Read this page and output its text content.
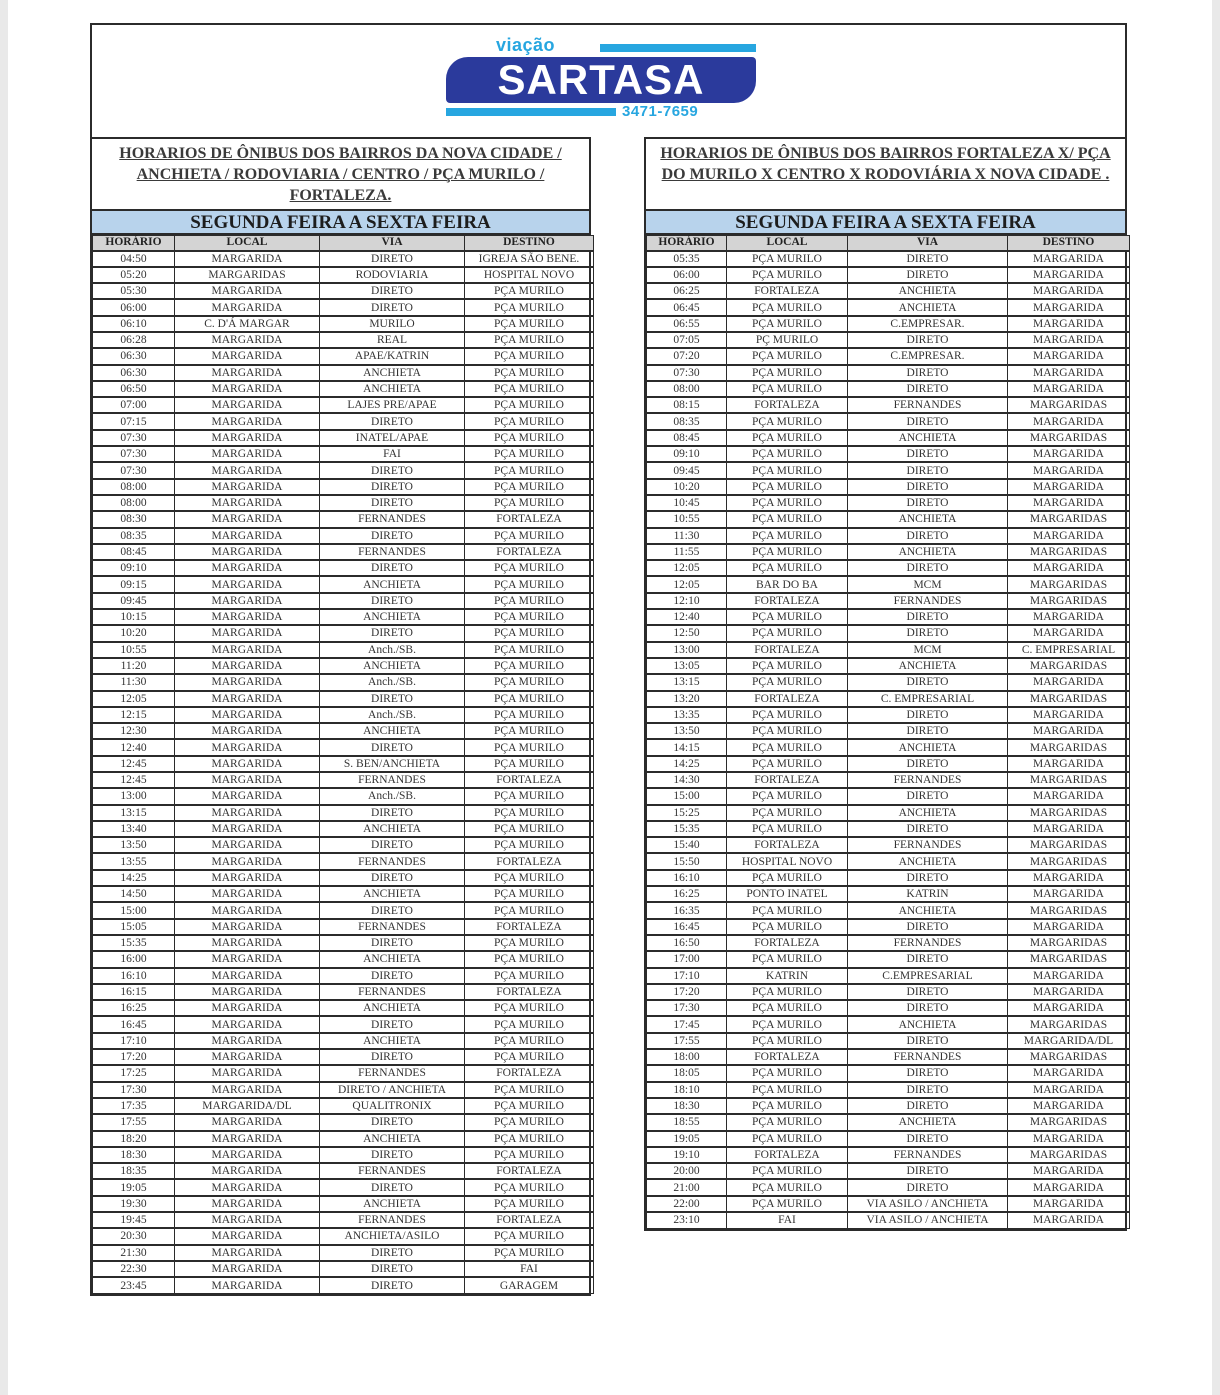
viação
SARTASA
3471-7659
HORARIOS DE ÔNIBUS DOS BAIRROS DA NOVA CIDADE / ANCHIETA / RODOVIARIA / CENTRO / PÇA MURILO / FORTALEZA.
SEGUNDA FEIRA A SEXTA FEIRA
HORÁRIO	LOCAL	VIA	DESTINO
04:50	MARGARIDA	DIRETO	IGREJA SÃO BENE.
05:20	MARGARIDAS	RODOVIARIA	HOSPITAL NOVO
05:30	MARGARIDA	DIRETO	PÇA MURILO
06:00	MARGARIDA	DIRETO	PÇA MURILO
06:10	C. D'Á MARGAR	MURILO	PÇA MURILO
06:28	MARGARIDA	REAL	PÇA MURILO
06:30	MARGARIDA	APAE/KATRIN	PÇA MURILO
06:30	MARGARIDA	ANCHIETA	PÇA MURILO
06:50	MARGARIDA	ANCHIETA	PÇA MURILO
07:00	MARGARIDA	LAJES PRE/APAE	PÇA MURILO
07:15	MARGARIDA	DIRETO	PÇA MURILO
07:30	MARGARIDA	INATEL/APAE	PÇA MURILO
07:30	MARGARIDA	FAI	PÇA MURILO
07:30	MARGARIDA	DIRETO	PÇA MURILO
08:00	MARGARIDA	DIRETO	PÇA MURILO
08:00	MARGARIDA	DIRETO	PÇA MURILO
08:30	MARGARIDA	FERNANDES	FORTALEZA
08:35	MARGARIDA	DIRETO	PÇA MURILO
08:45	MARGARIDA	FERNANDES	FORTALEZA
09:10	MARGARIDA	DIRETO	PÇA MURILO
09:15	MARGARIDA	ANCHIETA	PÇA MURILO
09:45	MARGARIDA	DIRETO	PÇA MURILO
10:15	MARGARIDA	ANCHIETA	PÇA MURILO
10:20	MARGARIDA	DIRETO	PÇA MURILO
10:55	MARGARIDA	Anch./SB.	PÇA MURILO
11:20	MARGARIDA	ANCHIETA	PÇA MURILO
11:30	MARGARIDA	Anch./SB.	PÇA MURILO
12:05	MARGARIDA	DIRETO	PÇA MURILO
12:15	MARGARIDA	Anch./SB.	PÇA MURILO
12:30	MARGARIDA	ANCHIETA	PÇA MURILO
12:40	MARGARIDA	DIRETO	PÇA MURILO
12:45	MARGARIDA	S. BEN/ANCHIETA	PÇA MURILO
12:45	MARGARIDA	FERNANDES	FORTALEZA
13:00	MARGARIDA	Anch./SB.	PÇA MURILO
13:15	MARGARIDA	DIRETO	PÇA MURILO
13:40	MARGARIDA	ANCHIETA	PÇA MURILO
13:50	MARGARIDA	DIRETO	PÇA MURILO
13:55	MARGARIDA	FERNANDES	FORTALEZA
14:25	MARGARIDA	DIRETO	PÇA MURILO
14:50	MARGARIDA	ANCHIETA	PÇA MURILO
15:00	MARGARIDA	DIRETO	PÇA MURILO
15:05	MARGARIDA	FERNANDES	FORTALEZA
15:35	MARGARIDA	DIRETO	PÇA MURILO
16:00	MARGARIDA	ANCHIETA	PÇA MURILO
16:10	MARGARIDA	DIRETO	PÇA MURILO
16:15	MARGARIDA	FERNANDES	FORTALEZA
16:25	MARGARIDA	ANCHIETA	PÇA MURILO
16:45	MARGARIDA	DIRETO	PÇA MURILO
17:10	MARGARIDA	ANCHIETA	PÇA MURILO
17:20	MARGARIDA	DIRETO	PÇA MURILO
17:25	MARGARIDA	FERNANDES	FORTALEZA
17:30	MARGARIDA	DIRETO / ANCHIETA	PÇA MURILO
17:35	MARGARIDA/DL	QUALITRONIX	PÇA MURILO
17:55	MARGARIDA	DIRETO	PÇA MURILO
18:20	MARGARIDA	ANCHIETA	PÇA MURILO
18:30	MARGARIDA	DIRETO	PÇA MURILO
18:35	MARGARIDA	FERNANDES	FORTALEZA
19:05	MARGARIDA	DIRETO	PÇA MURILO
19:30	MARGARIDA	ANCHIETA	PÇA MURILO
19:45	MARGARIDA	FERNANDES	FORTALEZA
20:30	MARGARIDA	ANCHIETA/ASILO	PÇA MURILO
21:30	MARGARIDA	DIRETO	PÇA MURILO
22:30	MARGARIDA	DIRETO	FAI
23:45	MARGARIDA	DIRETO	GARAGEM
HORARIOS DE ÔNIBUS DOS BAIRROS FORTALEZA X/ PÇA DO MURILO X CENTRO X RODOVIÁRIA X NOVA CIDADE .
SEGUNDA FEIRA A SEXTA FEIRA
HORÁRIO	LOCAL	VIA	DESTINO
05:35	PÇA MURILO	DIRETO	MARGARIDA
06:00	PÇA MURILO	DIRETO	MARGARIDA
06:25	FORTALEZA	ANCHIETA	MARGARIDA
06:45	PÇA MURILO	ANCHIETA	MARGARIDA
06:55	PÇA MURILO	C.EMPRESAR.	MARGARIDA
07:05	PÇ MURILO	DIRETO	MARGARIDA
07:20	PÇA MURILO	C.EMPRESAR.	MARGARIDA
07:30	PÇA MURILO	DIRETO	MARGARIDA
08:00	PÇA MURILO	DIRETO	MARGARIDA
08:15	FORTALEZA	FERNANDES	MARGARIDAS
08:35	PÇA MURILO	DIRETO	MARGARIDA
08:45	PÇA MURILO	ANCHIETA	MARGARIDAS
09:10	PÇA MURILO	DIRETO	MARGARIDA
09:45	PÇA MURILO	DIRETO	MARGARIDA
10:20	PÇA MURILO	DIRETO	MARGARIDA
10:45	PÇA MURILO	DIRETO	MARGARIDA
10:55	PÇA MURILO	ANCHIETA	MARGARIDAS
11:30	PÇA MURILO	DIRETO	MARGARIDA
11:55	PÇA MURILO	ANCHIETA	MARGARIDAS
12:05	PÇA MURILO	DIRETO	MARGARIDA
12:05	BAR DO BA	MCM	MARGARIDAS
12:10	FORTALEZA	FERNANDES	MARGARIDAS
12:40	PÇA MURILO	DIRETO	MARGARIDA
12:50	PÇA MURILO	DIRETO	MARGARIDA
13:00	FORTALEZA	MCM	C. EMPRESARIAL
13:05	PÇA MURILO	ANCHIETA	MARGARIDAS
13:15	PÇA MURILO	DIRETO	MARGARIDA
13:20	FORTALEZA	C. EMPRESARIAL	MARGARIDAS
13:35	PÇA MURILO	DIRETO	MARGARIDA
13:50	PÇA MURILO	DIRETO	MARGARIDA
14:15	PÇA MURILO	ANCHIETA	MARGARIDAS
14:25	PÇA MURILO	DIRETO	MARGARIDA
14:30	FORTALEZA	FERNANDES	MARGARIDAS
15:00	PÇA MURILO	DIRETO	MARGARIDA
15:25	PÇA MURILO	ANCHIETA	MARGARIDAS
15:35	PÇA MURILO	DIRETO	MARGARIDA
15:40	FORTALEZA	FERNANDES	MARGARIDAS
15:50	HOSPITAL NOVO	ANCHIETA	MARGARIDAS
16:10	PÇA MURILO	DIRETO	MARGARIDA
16:25	PONTO INATEL	KATRIN	MARGARIDA
16:35	PÇA MURILO	ANCHIETA	MARGARIDAS
16:45	PÇA MURILO	DIRETO	MARGARIDA
16:50	FORTALEZA	FERNANDES	MARGARIDAS
17:00	PÇA MURILO	DIRETO	MARGARIDAS
17:10	KATRIN	C.EMPRESARIAL	MARGARIDA
17:20	PÇA MURILO	DIRETO	MARGARIDA
17:30	PÇA MURILO	DIRETO	MARGARIDA
17:45	PÇA MURILO	ANCHIETA	MARGARIDAS
17:55	PÇA MURILO	DIRETO	MARGARIDA/DL
18:00	FORTALEZA	FERNANDES	MARGARIDAS
18:05	PÇA MURILO	DIRETO	MARGARIDA
18:10	PÇA MURILO	DIRETO	MARGARIDA
18:30	PÇA MURILO	DIRETO	MARGARIDA
18:55	PÇA MURILO	ANCHIETA	MARGARIDAS
19:05	PÇA MURILO	DIRETO	MARGARIDA
19:10	FORTALEZA	FERNANDES	MARGARIDAS
20:00	PÇA MURILO	DIRETO	MARGARIDA
21:00	PÇA MURILO	DIRETO	MARGARIDA
22:00	PÇA MURILO	VIA ASILO / ANCHIETA	MARGARIDA
23:10	FAI	VIA ASILO / ANCHIETA	MARGARIDA
